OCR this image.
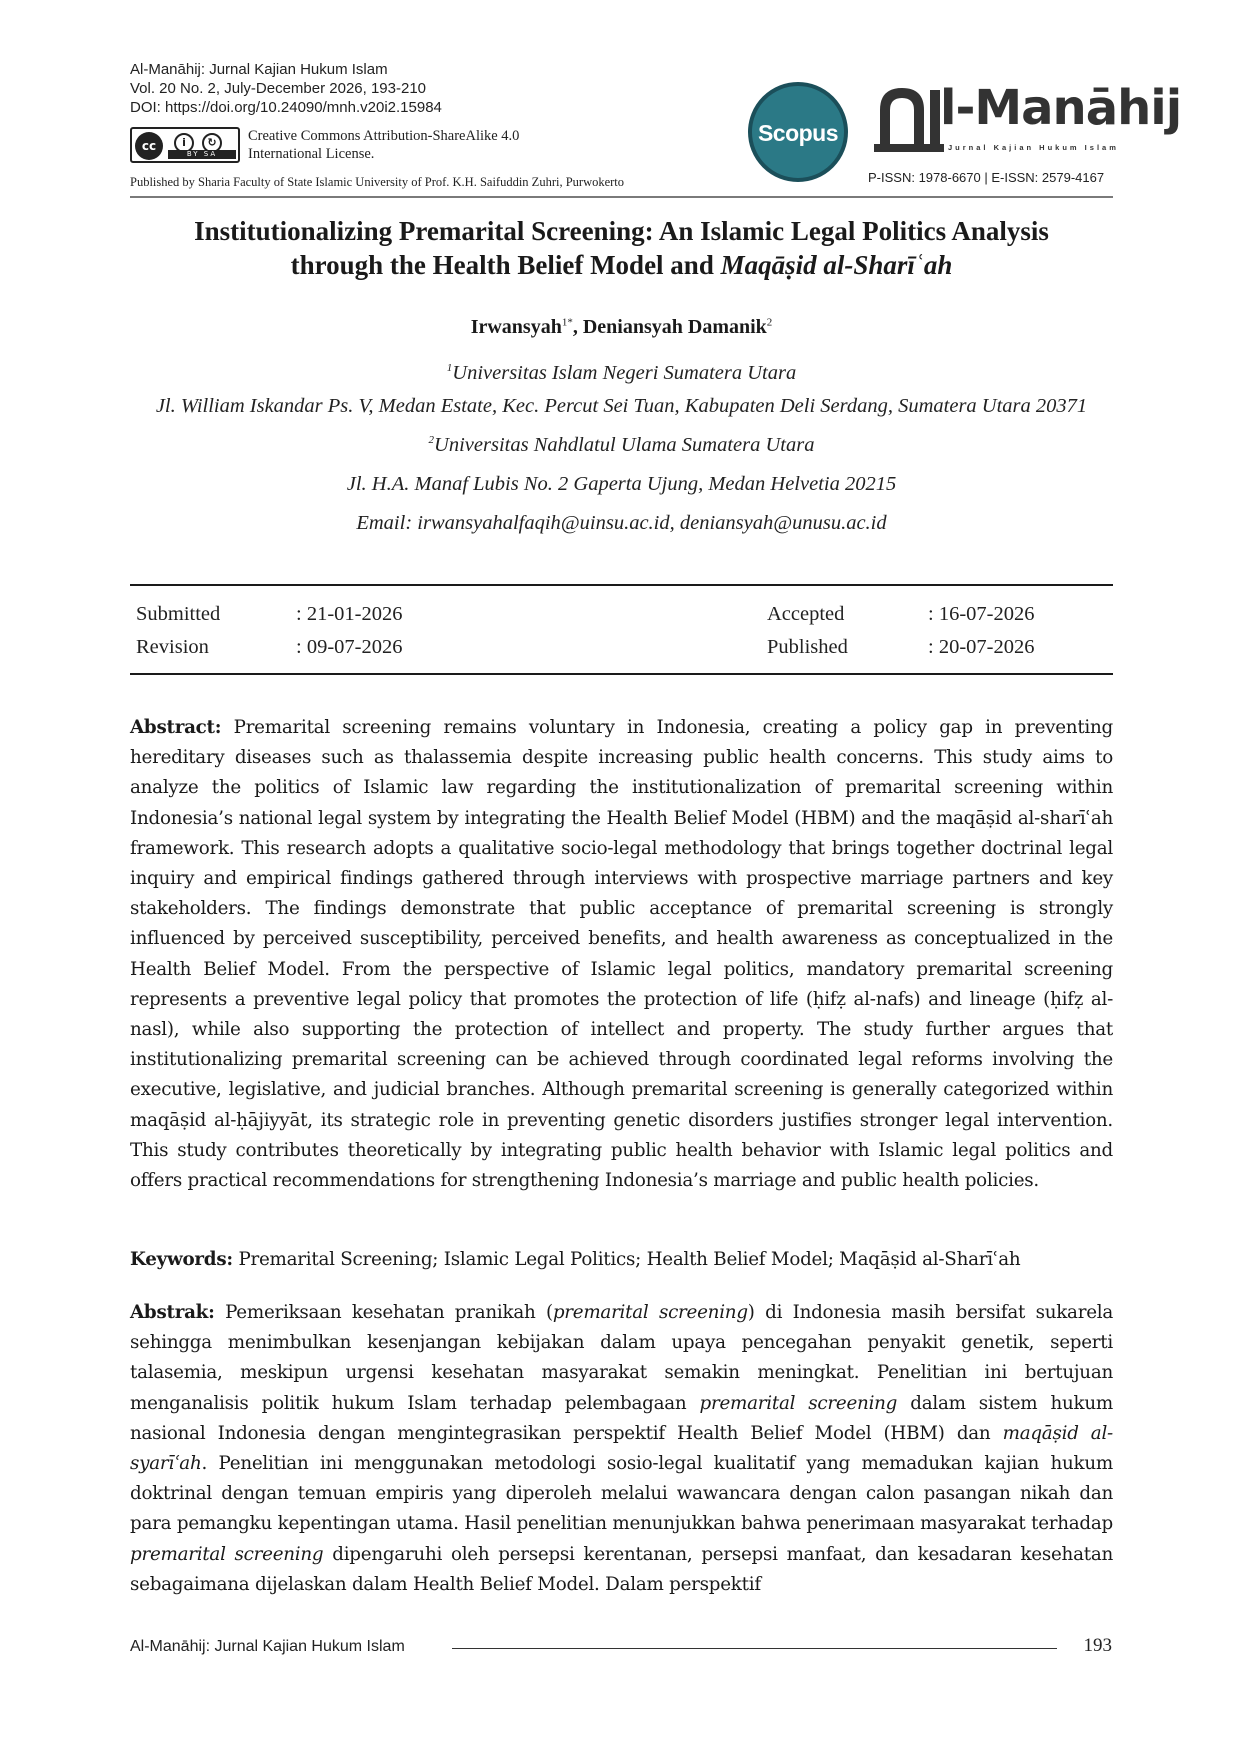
Al-Manāhij: Jurnal Kajian Hukum Islam
Vol. 20 No. 2, July-December 2026, 193-210
DOI: https://doi.org/10.24090/mnh.v20i2.15984
cc	i	↻
BY SA
Creative Commons Attribution-ShareAlike 4.0
International License.
Published by Sharia Faculty of State Islamic University of Prof. K.H. Saifuddin Zuhri, Purwokerto
Scopus l-Manāhij
Jurnal Kajian Hukum Islam
P-ISSN: 1978-6670 | E-ISSN: 2579-4167
Institutionalizing Premarital Screening: An Islamic Legal Politics Analysis
through the Health Belief Model and Maqāṣid al-Sharīʿah
Irwansyah$^{1*}$, Deniansyah Damanik$^2$
$^1$Universitas Islam Negeri Sumatera Utara
Jl. William Iskandar Ps. V, Medan Estate, Kec. Percut Sei Tuan, Kabupaten Deli Serdang, Sumatera Utara 20371
$^2$Universitas Nahdlatul Ulama Sumatera Utara
Jl. H.A. Manaf Lubis No. 2 Gaperta Ujung, Medan Helvetia 20215
Email: irwansyahalfaqih@uinsu.ac.id, deniansyah@unusu.ac.id
Submitted	: 21-01-2026	Accepted	: 16-07-2026
Revision	: 09-07-2026	Published	: 20-07-2026
Abstract: Premarital screening remains voluntary in Indonesia, creating a policy gap in preventing hereditary diseases such as thalassemia despite increasing public health concerns. This study aims to analyze the politics of Islamic law regarding the institutionalization of premarital screening within Indonesia’s national legal system by integrating the Health Belief Model (HBM) and the maqāṣid al-sharīʿah framework. This research adopts a qualitative socio-legal methodology that brings together doctrinal legal inquiry and empirical findings gathered through interviews with prospective marriage partners and key stakeholders. The findings demonstrate that public acceptance of premarital screening is strongly influenced by perceived susceptibility, perceived benefits, and health awareness as conceptualized in the Health Belief Model. From the perspective of Islamic legal politics, mandatory premarital screening represents a preventive legal policy that promotes the protection of life (ḥifẓ al-nafs) and lineage (ḥifẓ al-nasl), while also supporting the protection of intellect and property. The study further argues that institutionalizing premarital screening can be achieved through coordinated legal reforms involving the executive, legislative, and judicial branches. Although premarital screening is generally categorized within maqāṣid al-ḥājiyyāt, its strategic role in preventing genetic disorders justifies stronger legal intervention. This study contributes theoretically by integrating public health behavior with Islamic legal politics and offers practical recommendations for strengthening Indonesia’s marriage and public health policies.
Keywords: Premarital Screening; Islamic Legal Politics; Health Belief Model; Maqāṣid al-Sharīʿah
Abstrak: Pemeriksaan kesehatan pranikah (premarital screening) di Indonesia masih bersifat sukarela sehingga menimbulkan kesenjangan kebijakan dalam upaya pencegahan penyakit genetik, seperti talasemia, meskipun urgensi kesehatan masyarakat semakin meningkat. Penelitian ini bertujuan menganalisis politik hukum Islam terhadap pelembagaan premarital screening dalam sistem hukum nasional Indonesia dengan mengintegrasikan perspektif Health Belief Model (HBM) dan maqāṣid al-syarīʿah. Penelitian ini menggunakan metodologi sosio-legal kualitatif yang memadukan kajian hukum doktrinal dengan temuan empiris yang diperoleh melalui wawancara dengan calon pasangan nikah dan para pemangku kepentingan utama. Hasil penelitian menunjukkan bahwa penerimaan masyarakat terhadap premarital screening dipengaruhi oleh persepsi kerentanan, persepsi manfaat, dan kesadaran kesehatan sebagaimana dijelaskan dalam Health Belief Model. Dalam perspektif
Al-Manāhij: Jurnal Kajian Hukum Islam	193
